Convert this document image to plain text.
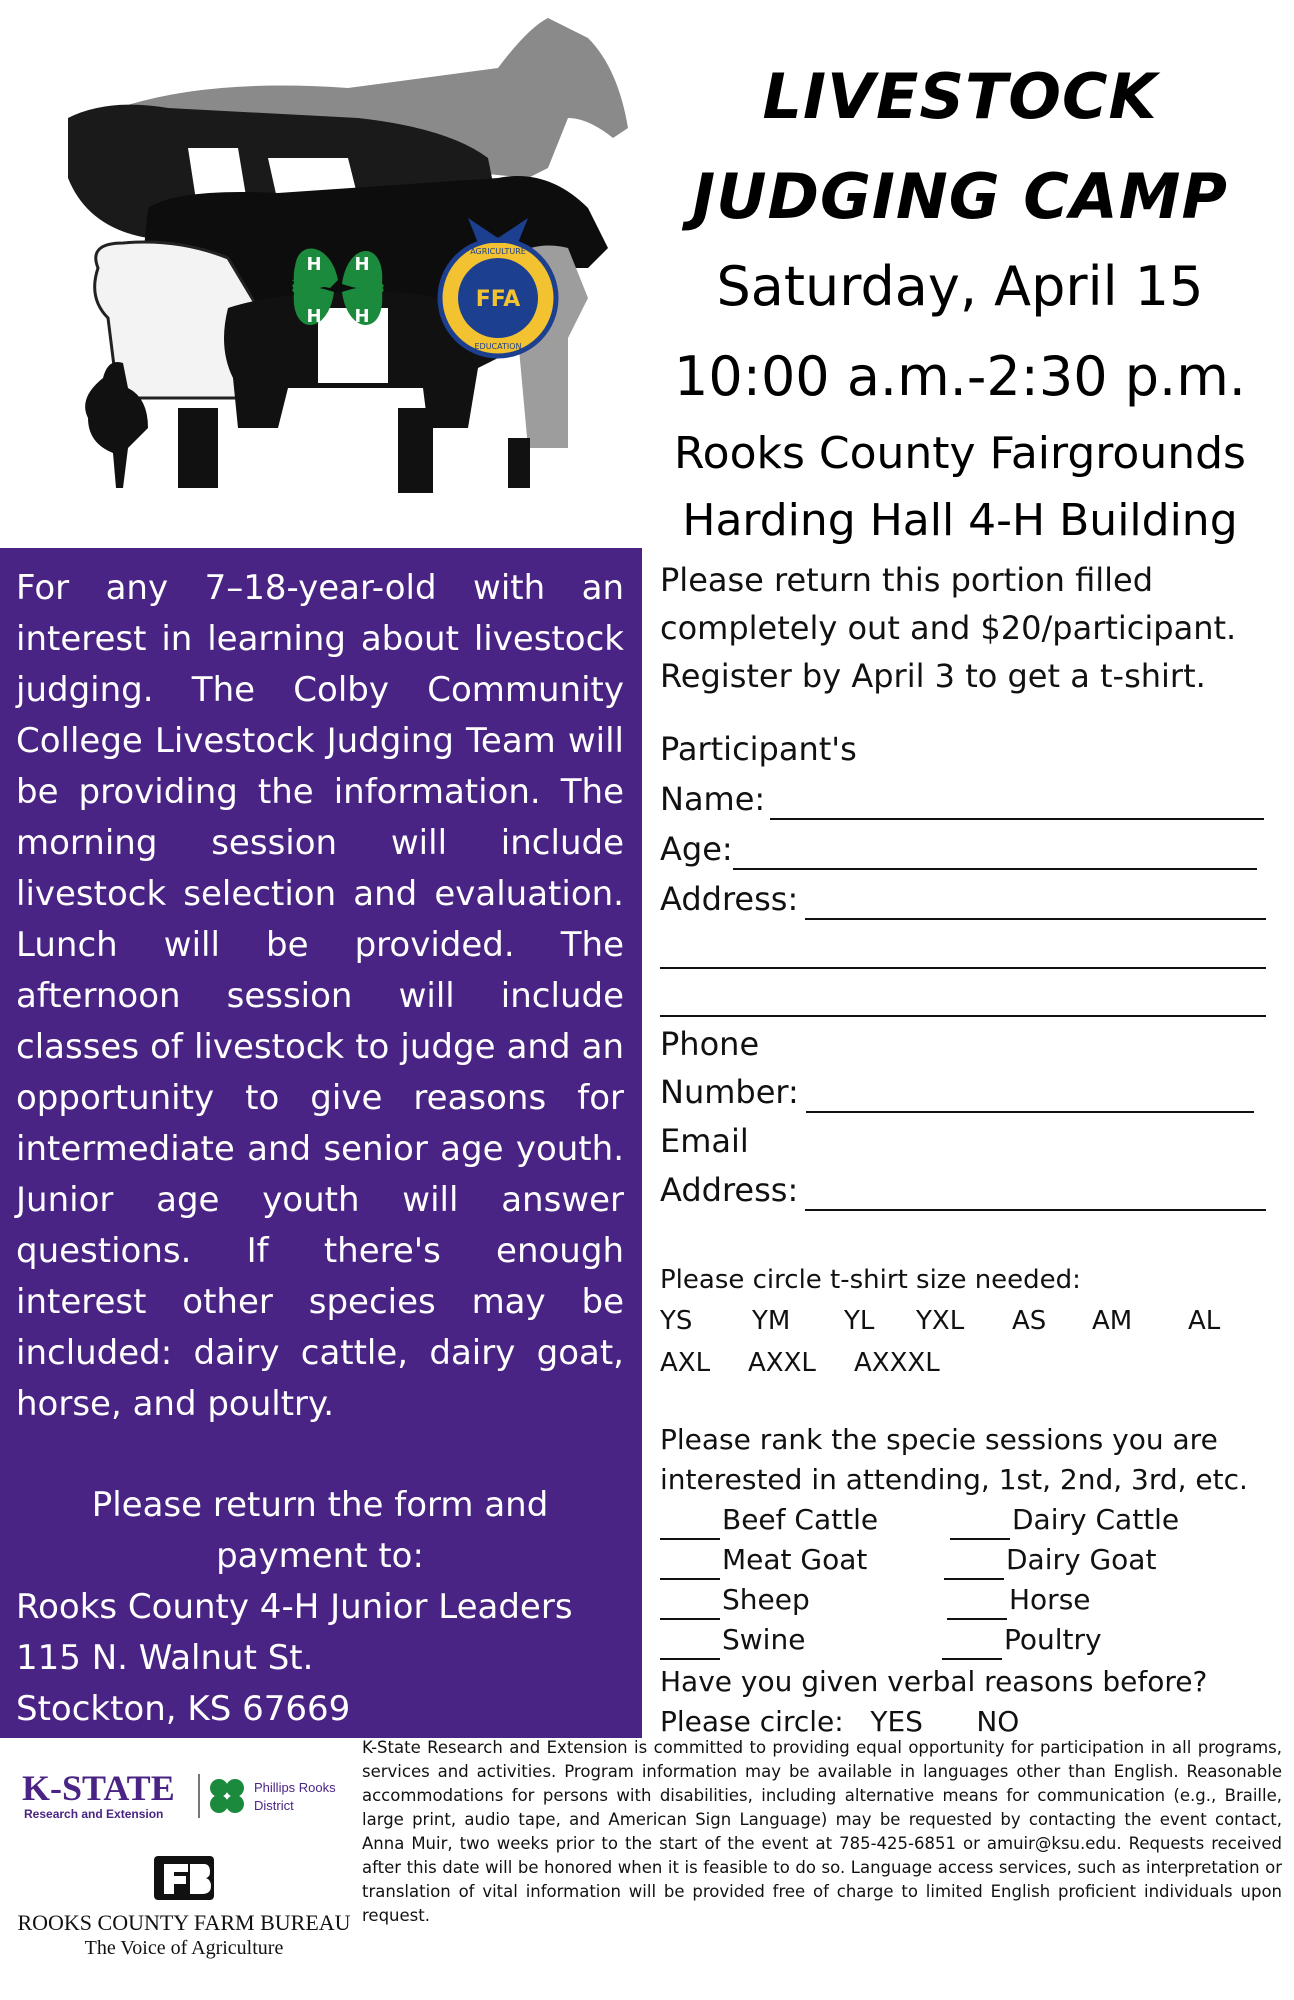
H H
H H
FFA
AGRICULTURE
EDUCATION
LIVESTOCK
JUDGING CAMP
Saturday, April 15
10:00 a.m.-2:30 p.m.
Rooks County Fairgrounds
Harding Hall 4-H Building
For any 7–18-year-old with an interest in learning about livestock judging. The Colby Community College Livestock Judging Team will be providing the information. The morning session will include livestock selection and evaluation. Lunch will be provided. The afternoon session will include classes of livestock to judge and an opportunity to give reasons for intermediate and senior age youth. Junior age youth will answer questions. If there's enough interest other species may be included: dairy cattle, dairy goat, horse, and poultry.
Please return the form and payment to:
Rooks County 4-H Junior Leaders
115 N. Walnut St.
Stockton, KS 67669
Please return this portion filled completely out and $20/participant. Register by April 3 to get a t-shirt.
Participant's
Name:
Age:
Address:
Phone
Number:
Email
Address:
Please circle t-shirt size needed:
YS YM YL YXL AS AM AL
AXL AXXL AXXXL
Please rank the specie sessions you are interested in attending, 1st, 2nd, 3rd, etc.
Beef Cattle
Meat Goat
Sheep
Swine
Dairy Cattle
Dairy Goat
Horse
Poultry
Have you given verbal reasons before?
Please circle: YES NO
K-STATE
Research and Extension
Phillips Rooks
District
ROOKS COUNTY FARM BUREAU
The Voice of Agriculture
K-State Research and Extension is committed to providing equal opportunity for participation in all programs, services and activities. Program information may be available in languages other than English. Reasonable accommodations for persons with disabilities, including alternative means for communication (e.g., Braille, large print, audio tape, and American Sign Language) may be requested by contacting the event contact, Anna Muir, two weeks prior to the start of the event at 785-425-6851 or amuir@ksu.edu. Requests received after this date will be honored when it is feasible to do so. Language access services, such as interpretation or translation of vital information will be provided free of charge to limited English proficient individuals upon request.
